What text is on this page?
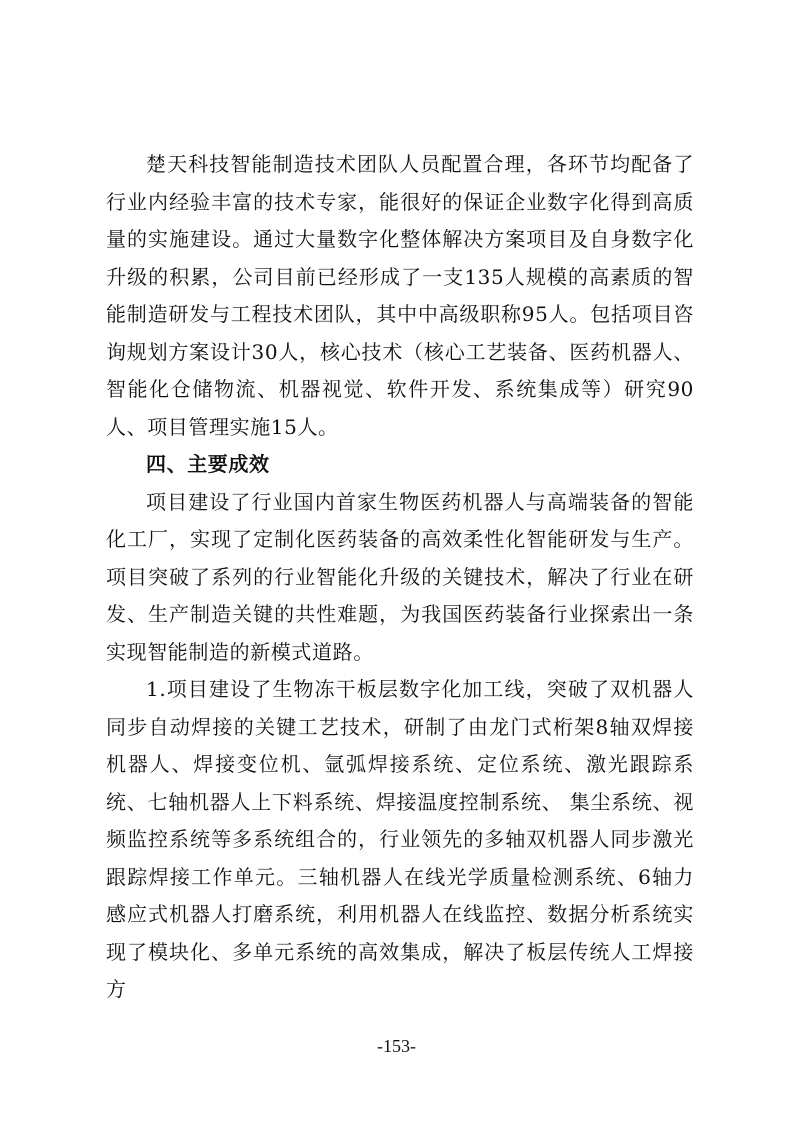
楚天科技智能制造技术团队人员配置合理，各环节均配备了行业内经验丰富的技术专家，能很好的保证企业数字化得到高质量的实施建设。通过大量数字化整体解决方案项目及自身数字化升级的积累，公司目前已经形成了一支135人规模的高素质的智能制造研发与工程技术团队，其中中高级职称95人。包括项目咨询规划方案设计30人，核心技术（核心工艺装备、医药机器人、智能化仓储物流、机器视觉、软件开发、系统集成等）研究90人、项目管理实施15人。

四、主要成效

项目建设了行业国内首家生物医药机器人与高端装备的智能化工厂，实现了定制化医药装备的高效柔性化智能研发与生产。项目突破了系列的行业智能化升级的关键技术，解决了行业在研发、生产制造关键的共性难题，为我国医药装备行业探索出一条实现智能制造的新模式道路。

1.项目建设了生物冻干板层数字化加工线，突破了双机器人同步自动焊接的关键工艺技术，研制了由龙门式桁架8轴双焊接机器人、焊接变位机、氩弧焊接系统、定位系统、激光跟踪系统、七轴机器人上下料系统、焊接温度控制系统、 集尘系统、视频监控系统等多系统组合的，行业领先的多轴双机器人同步激光跟踪焊接工作单元。三轴机器人在线光学质量检测系统、6轴力感应式机器人打磨系统，利用机器人在线监控、数据分析系统实现了模块化、多单元系统的高效集成，解决了板层传统人工焊接方

-153-
